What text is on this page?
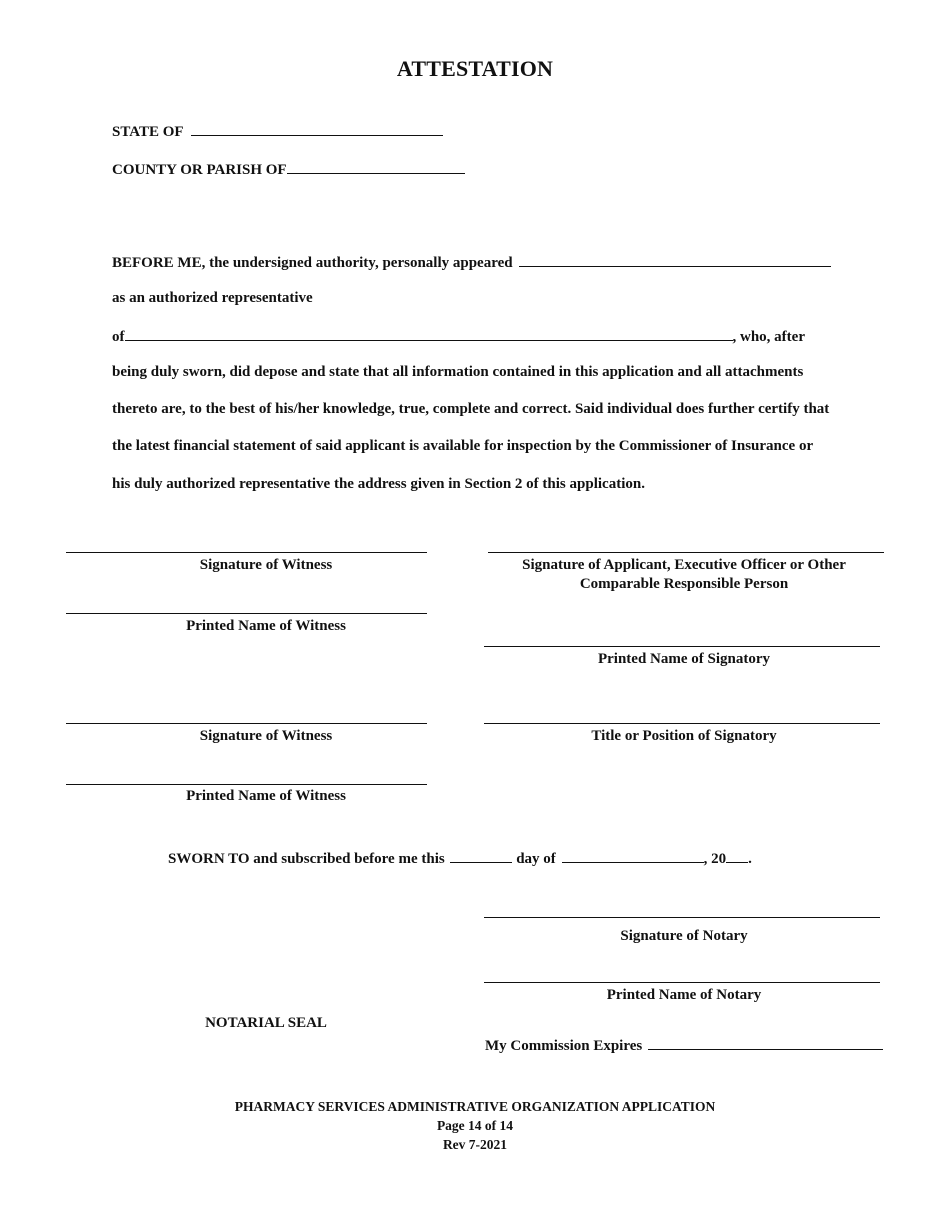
ATTESTATION
STATE OF
COUNTY OR PARISH OF
BEFORE ME, the undersigned authority, personally appeared
as an authorized representative
of	, who, after
being duly sworn, did depose and state that all information contained in this application and all attachments
thereto are, to the best of his/her knowledge, true, complete and correct. Said individual does further certify that
the latest financial statement of said applicant is available for inspection by the Commissioner of Insurance or
his duly authorized representative the address given in Section 2 of this application.
Signature of Witness
Printed Name of Witness
Signature of Witness
Printed Name of Witness
Signature of Applicant, Executive Officer or Other
Comparable Responsible Person
Printed Name of Signatory
Title or Position of Signatory
SWORN TO and subscribed before me this	day of	, 20 .
Signature of Notary
Printed Name of Notary
NOTARIAL SEAL
My Commission Expires
PHARMACY SERVICES ADMINISTRATIVE ORGANIZATION APPLICATION
Page 14 of 14
Rev 7-2021
